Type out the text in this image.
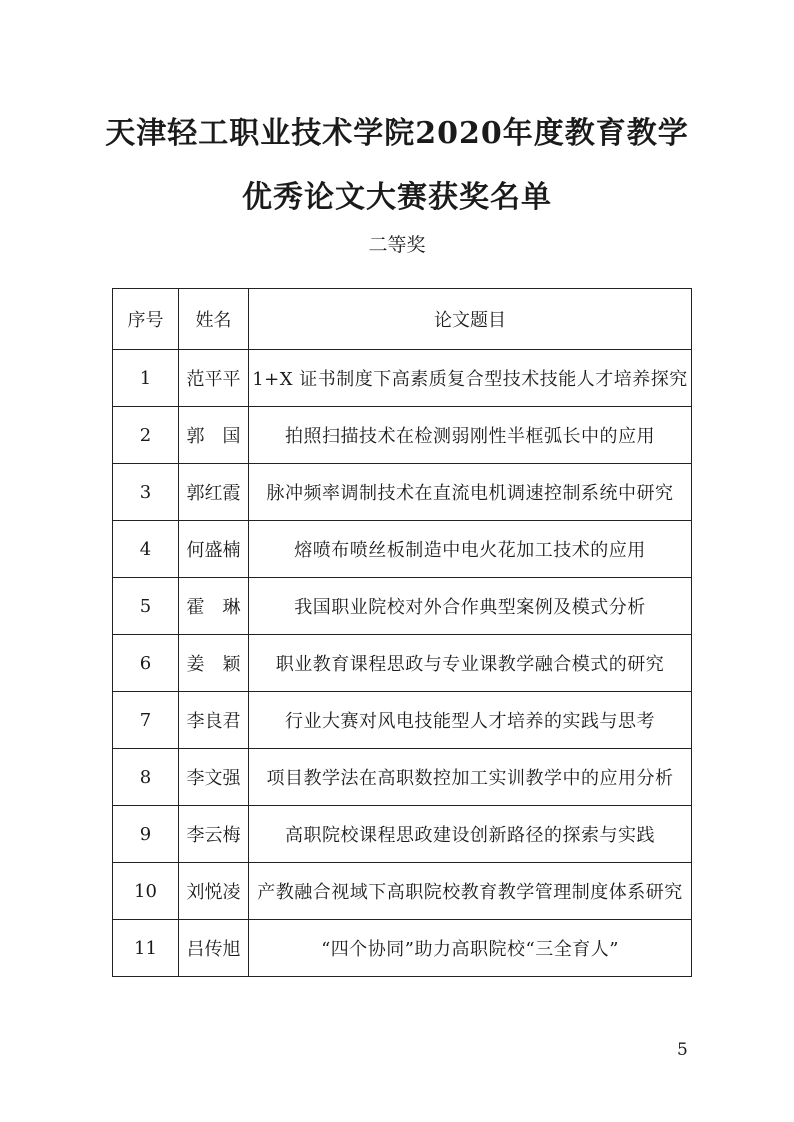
天津轻工职业技术学院2020年度教育教学
优秀论文大赛获奖名单
二等奖
序号	姓名	论文题目
1	范平平	1+X 证书制度下高素质复合型技术技能人才培养探究
2	郭　国	拍照扫描技术在检测弱刚性半框弧长中的应用
3	郭红霞	脉冲频率调制技术在直流电机调速控制系统中研究
4	何盛楠	熔喷布喷丝板制造中电火花加工技术的应用
5	霍　琳	我国职业院校对外合作典型案例及模式分析
6	姜　颖	职业教育课程思政与专业课教学融合模式的研究
7	李良君	行业大赛对风电技能型人才培养的实践与思考
8	李文强	项目教学法在高职数控加工实训教学中的应用分析
9	李云梅	高职院校课程思政建设创新路径的探索与实践
10	刘悦凌	产教融合视域下高职院校教育教学管理制度体系研究
11	吕传旭	“四个协同”助力高职院校“三全育人”
5
